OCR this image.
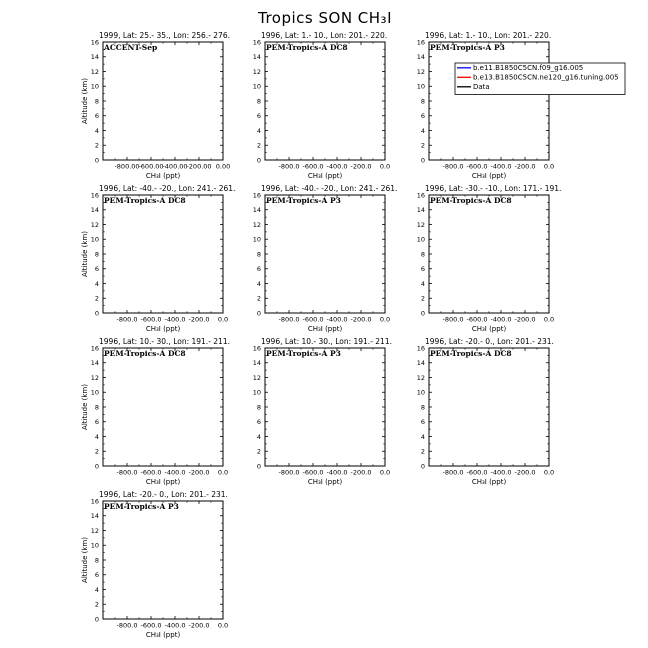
Tropics SON CH₃I
1999, Lat: 25.- 35., Lon: 256.- 276.
ACCENT-Sep
0
2
4
6
8
10
12
14
16
-800.00
-600.00
-400.00
-200.00 0.00
CH₃I (ppt)
Altitude (km)
1996, Lat: 1.- 10., Lon: 201.- 220.
PEM-Tropics-A DC8
0
2
4
6
8
10
12
14
16
-800.0 -600.0 -400.0 -200.0 0.0
CH₃I (ppt)
1996, Lat: 1.- 10., Lon: 201.- 220.
PEM-Tropics-A P3
0
2
4
6
8
10
12
14
16
-800.0 -600.0 -400.0 -200.0 0.0
CH₃I (ppt)
1996, Lat: -40.- -20., Lon: 241.- 261.
PEM-Tropics-A DC8
0
2
4
6
8
10
12
14
16
-800.0 -600.0 -400.0 -200.0 0.0
CH₃I (ppt)
Altitude (km)
1996, Lat: -40.- -20., Lon: 241.- 261.
PEM-Tropics-A P3
0
2
4
6
8
10
12
14
16
-800.0 -600.0 -400.0 -200.0 0.0
CH₃I (ppt)
1996, Lat: -30.- -10., Lon: 171.- 191.
PEM-Tropics-A DC8
0
2
4
6
8
10
12
14
16
-800.0 -600.0 -400.0 -200.0 0.0
CH₃I (ppt)
1996, Lat: 10.- 30., Lon: 191.- 211.
PEM-Tropics-A DC8
0
2
4
6
8
10
12
14
16
-800.0 -600.0 -400.0 -200.0 0.0
CH₃I (ppt)
Altitude (km)
1996, Lat: 10.- 30., Lon: 191.- 211.
PEM-Tropics-A P3
0
2
4
6
8
10
12
14
16
-800.0 -600.0 -400.0 -200.0 0.0
CH₃I (ppt)
1996, Lat: -20.- 0., Lon: 201.- 231.
PEM-Tropics-A DC8
0
2
4
6
8
10
12
14
16
-800.0 -600.0 -400.0 -200.0 0.0
CH₃I (ppt)
1996, Lat: -20.- 0., Lon: 201.- 231.
PEM-Tropics-A P3
0
2
4
6
8
10
12
14
16
-800.0 -600.0 -400.0 -200.0 0.0
CH₃I (ppt)
Altitude (km)
b.e11.B1850C5CN.f09_g16.005
b.e13.B1850C5CN.ne120_g16.tuning.005
Data
